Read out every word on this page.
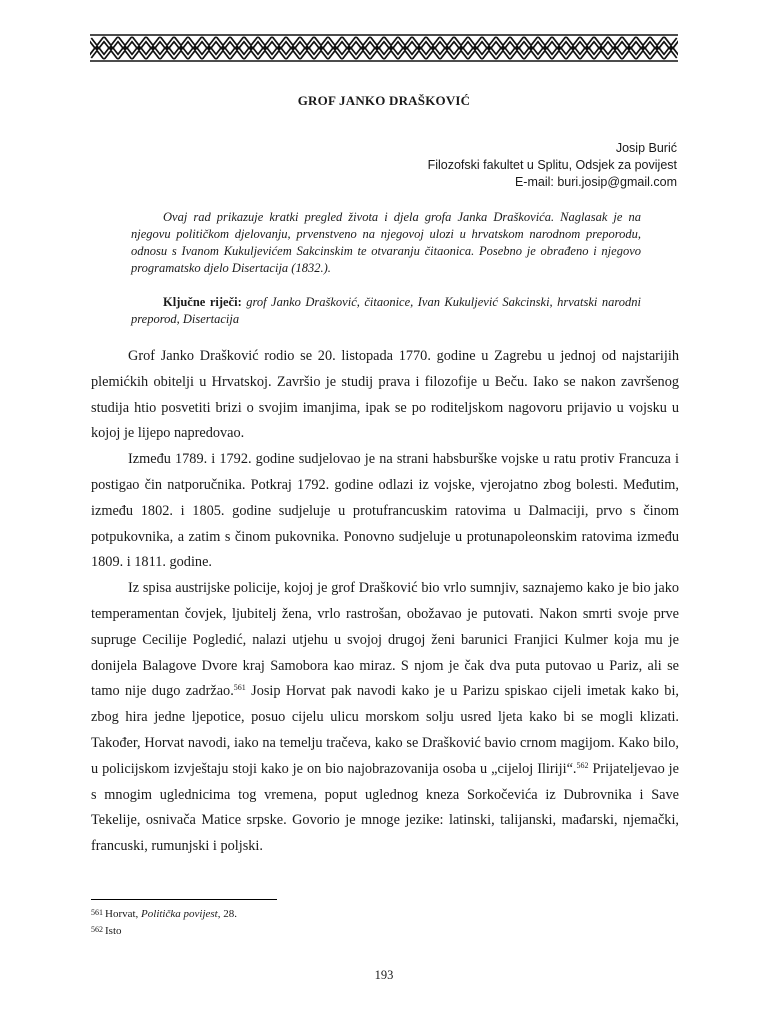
GROF JANKO DRAŠKOVIĆ
Josip Burić
Filozofski fakultet u Splitu, Odsjek za povijest
E-mail: buri.josip@gmail.com

Ovaj rad prikazuje kratki pregled života i djela grofa Janka Draškovića. Naglasak je na njegovu političkom djelovanju, prvenstveno na njegovoj ulozi u hrvatskom narodnom preporodu, odnosu s Ivanom Kukuljevićem Sakcinskim te otvaranju čitaonica. Posebno je obrađeno i njegovo programatsko djelo Disertacija (1832.).

Ključne riječi: grof Janko Drašković, čitaonice, Ivan Kukuljević Sakcinski, hrvatski narodni preporod, Disertacija

Grof Janko Drašković rodio se 20. listopada 1770. godine u Zagrebu u jednoj od najstarijih plemićkih obitelji u Hrvatskoj. Završio je studij prava i filozofije u Beču. Iako se nakon završenog studija htio posvetiti brizi o svojim imanjima, ipak se po roditeljskom nagovoru prijavio u vojsku u kojoj je lijepo napredovao.

Između 1789. i 1792. godine sudjelovao je na strani habsburške vojske u ratu protiv Francuza i postigao čin natporučnika. Potkraj 1792. godine odlazi iz vojske, vjerojatno zbog bolesti. Međutim, između 1802. i 1805. godine sudjeluje u protufrancuskim ratovima u Dalmaciji, prvo s činom potpukovnika, a zatim s činom pukovnika. Ponovno sudjeluje u protunapoleonskim ratovima između 1809. i 1811. godine.

Iz spisa austrijske policije, kojoj je grof Drašković bio vrlo sumnjiv, saznajemo kako je bio jako temperamentan čovjek, ljubitelj žena, vrlo rastrošan, obožavao je putovati. Nakon smrti svoje prve supruge Cecilije Pogledić, nalazi utjehu u svojoj drugoj ženi barunici Franjici Kulmer koja mu je donijela Balagove Dvore kraj Samobora kao miraz. S njom je čak dva puta putovao u Pariz, ali se tamo nije dugo zadržao.$^{561}$ Josip Horvat pak navodi kako je u Parizu spiskao cijeli imetak kako bi, zbog hira jedne ljepotice, posuo cijelu ulicu morskom solju usred ljeta kako bi se mogli klizati. Također, Horvat navodi, iako na temelju tračeva, kako se Drašković bavio crnom magijom. Kako bilo, u policijskom izvještaju stoji kako je on bio najobrazovanija osoba u „cijeloj Iliriji“.$^{562}$ Prijateljevao je s mnogim uglednicima tog vremena, poput uglednog kneza Sorkočevića iz Dubrovnika i Save Tekelije, osnivača Matice srpske. Govorio je mnoge jezike: latinski, talijanski, mađarski, njemački, francuski, rumunjski i poljski.

561 Horvat, Politička povijest, 28.
562 Isto
193
